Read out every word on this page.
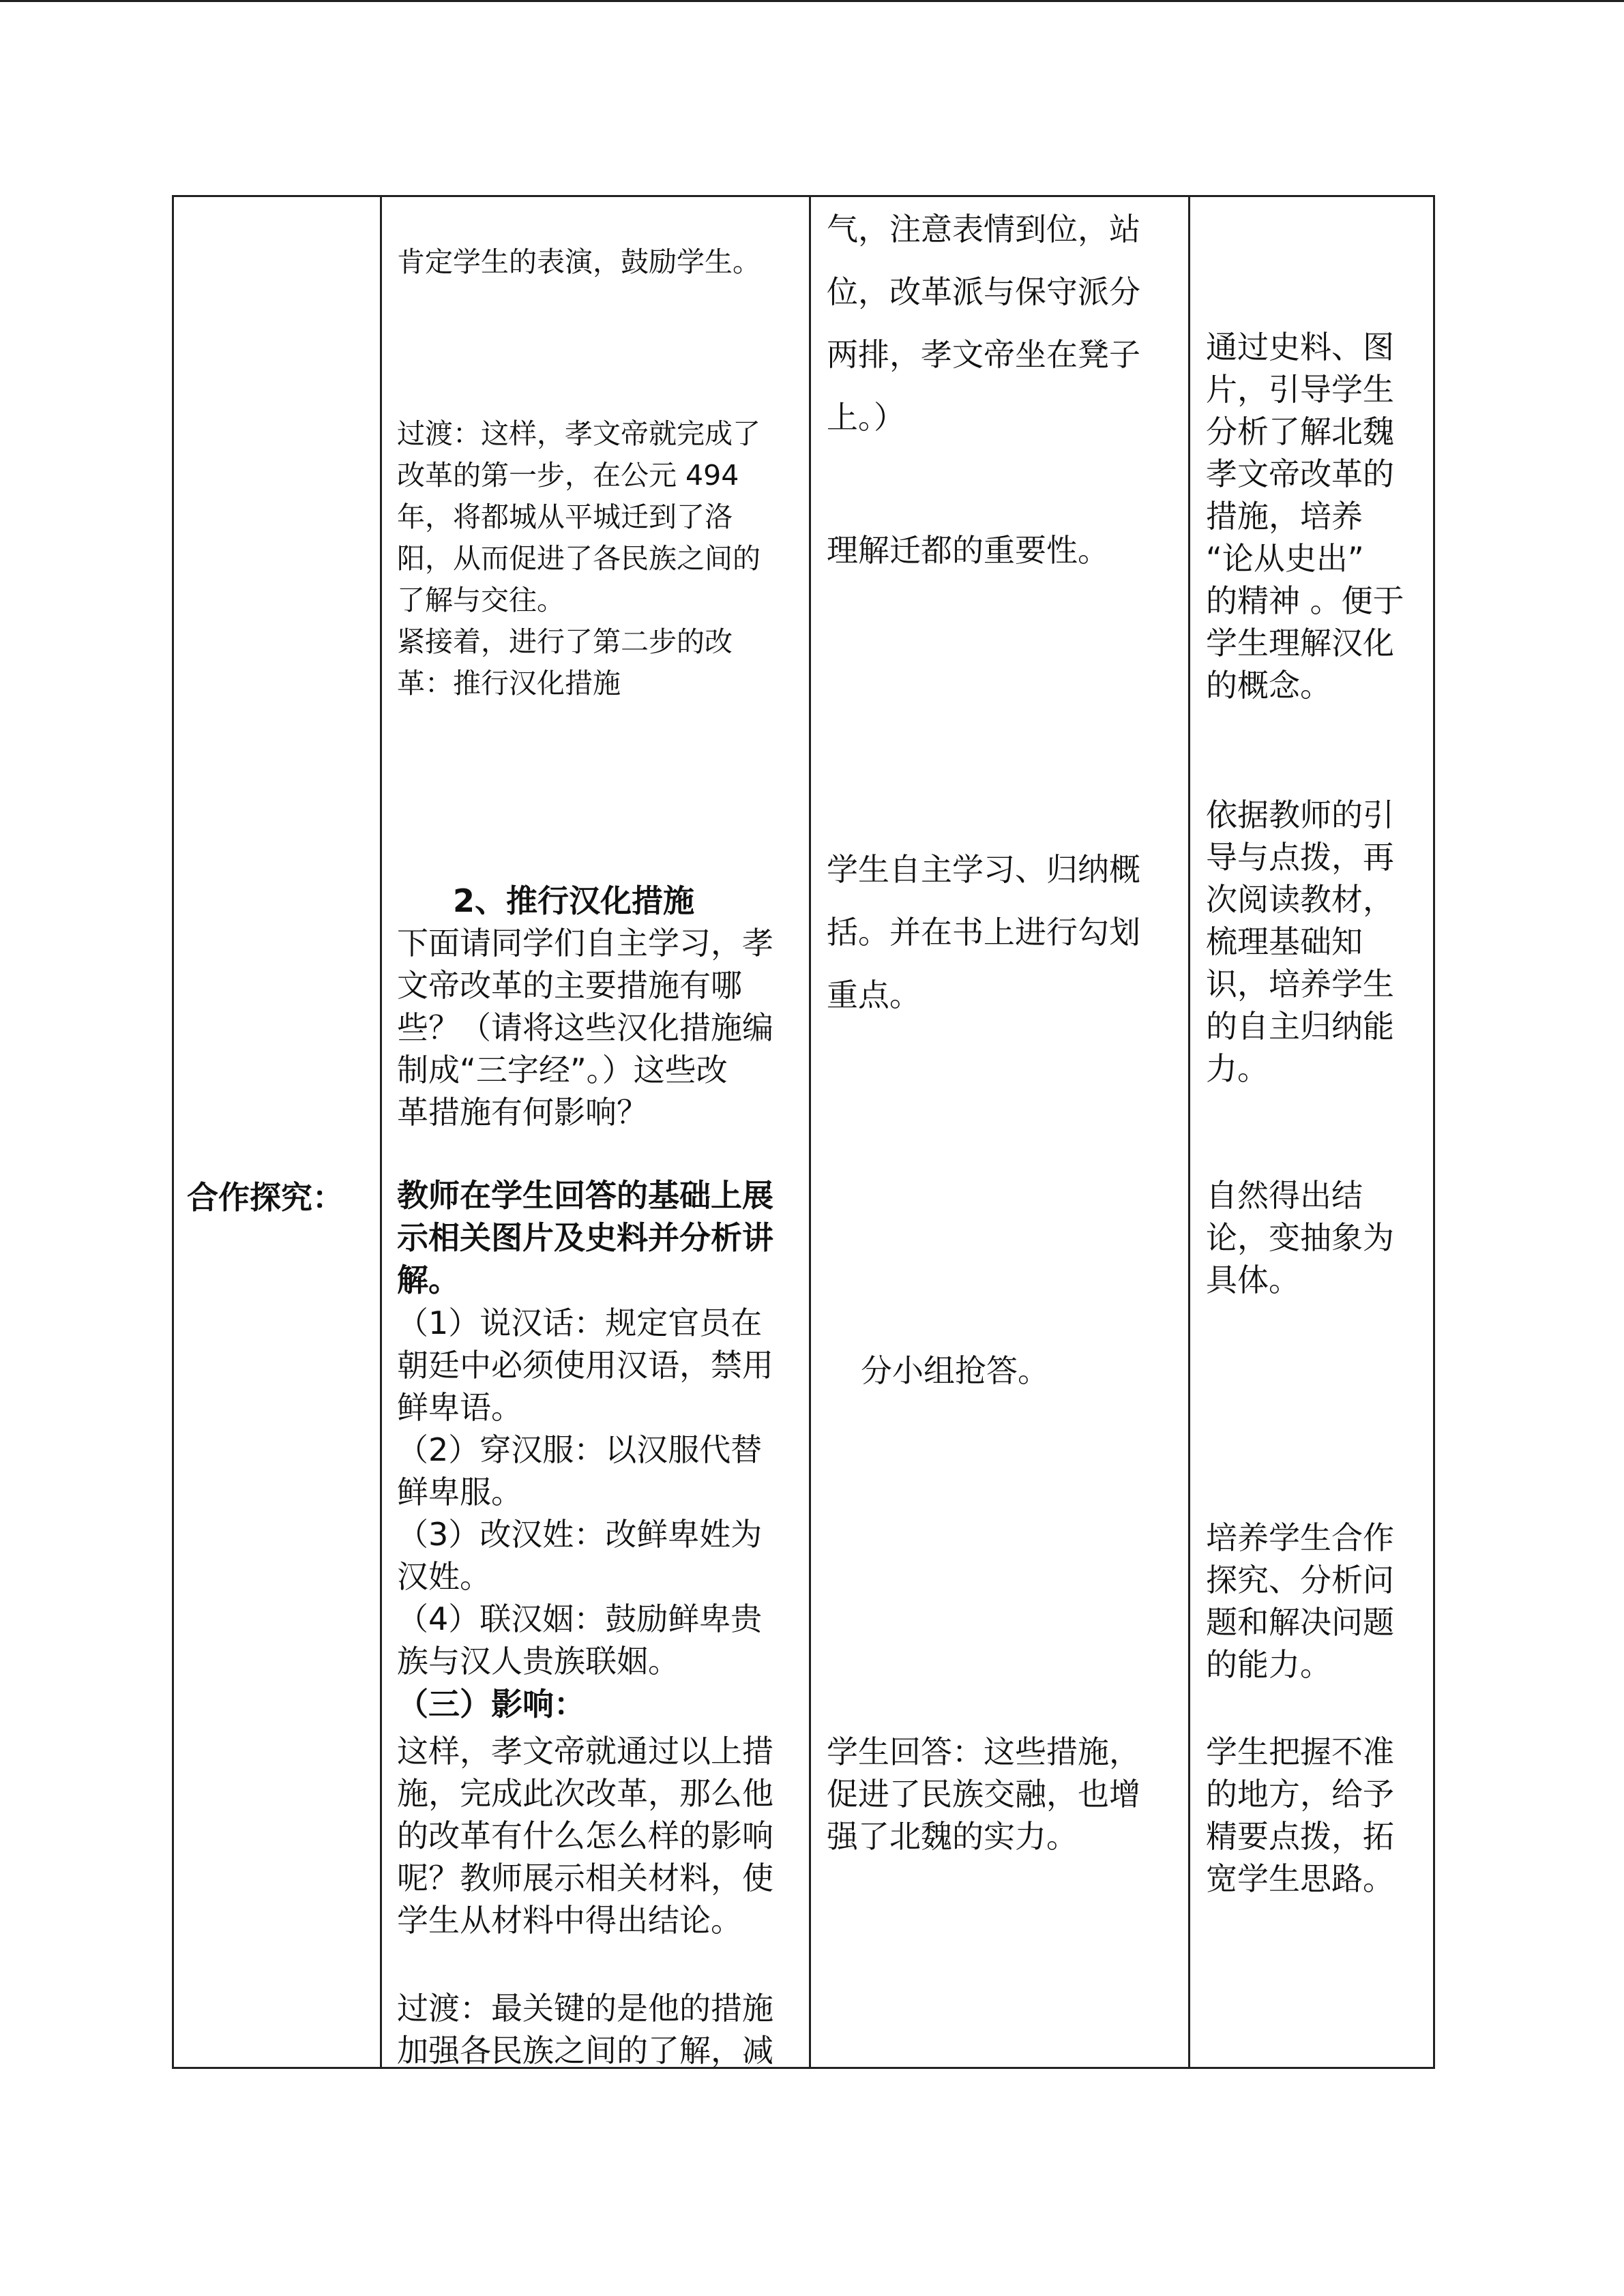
合作探究：
肯定学生的表演，鼓励学生。
过渡：这样，孝文帝就完成了
改革的第一步，在公元 494
年，将都城从平城迁到了洛
阳，从而促进了各民族之间的
了解与交往。
紧接着，进行了第二步的改
革：推行汉化措施
2、推行汉化措施
下面请同学们自主学习，孝
文帝改革的主要措施有哪
些？（请将这些汉化措施编
制成“三字经”。）这些改
革措施有何影响？
教师在学生回答的基础上展
示相关图片及史料并分析讲
解。
（1）说汉话：规定官员在
朝廷中必须使用汉语，禁用
鲜卑语。
（2）穿汉服：以汉服代替
鲜卑服。
（3）改汉姓：改鲜卑姓为
汉姓。
（4）联汉姻：鼓励鲜卑贵
族与汉人贵族联姻。
（三）影响：
这样，孝文帝就通过以上措
施，完成此次改革，那么他
的改革有什么怎么样的影响
呢？教师展示相关材料，使
学生从材料中得出结论。
过渡：最关键的是他的措施
加强各民族之间的了解，减
气，注意表情到位，站
位，改革派与保守派分
两排，孝文帝坐在凳子
上。）
理解迁都的重要性。
学生自主学习、归纳概
括。并在书上进行勾划
重点。
分小组抢答。
学生回答：这些措施，
促进了民族交融，也增
强了北魏的实力。
通过史料、图
片，引导学生
分析了解北魏
孝文帝改革的
措施，培养
“论从史出”
的精神 。便于
学生理解汉化
的概念。
依据教师的引
导与点拨，再
次阅读教材，
梳理基础知
识，培养学生
的自主归纳能
力。
自然得出结
论，变抽象为
具体。
培养学生合作
探究、分析问
题和解决问题
的能力。
学生把握不准
的地方，给予
精要点拨，拓
宽学生思路。
